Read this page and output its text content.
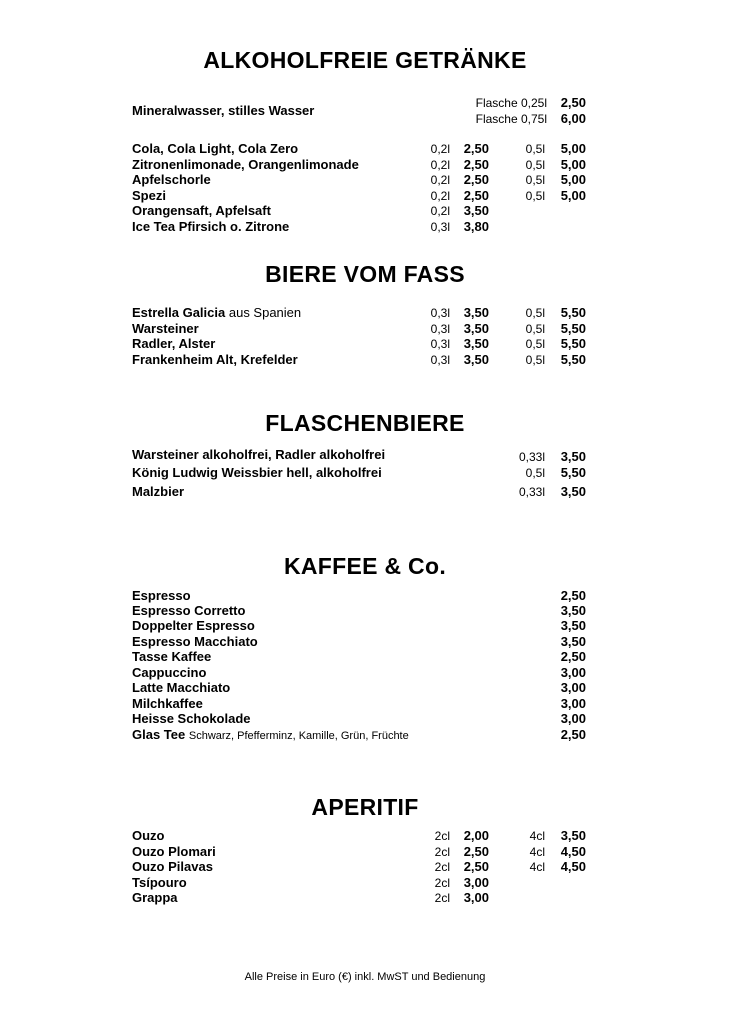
ALKOHOLFREIE GETRÄNKE
Mineralwasser, stilles Wasser	Flasche 0,25l 2,50
Flasche 0,75l 6,00
Cola, Cola Light, Cola Zero	0,2l 2,50	0,5l 5,00
Zitronenlimonade, Orangenlimonade	0,2l 2,50	0,5l 5,00
Apfelschorle	0,2l 2,50	0,5l 5,00
Spezi	0,2l 2,50	0,5l 5,00
Orangensaft, Apfelsaft	0,2l 3,50
Ice Tea Pfirsich o. Zitrone	0,3l 3,80
BIERE VOM FASS
Estrella Galicia aus Spanien	0,3l 3,50	0,5l 5,50
Warsteiner	0,3l 3,50	0,5l 5,50
Radler, Alster	0,3l 3,50	0,5l 5,50
Frankenheim Alt, Krefelder	0,3l 3,50	0,5l 5,50
FLASCHENBIERE
Warsteiner alkoholfrei, Radler alkoholfrei	0,33l 3,50
König Ludwig Weissbier hell, alkoholfrei	0,5l 5,50
Malzbier	0,33l 3,50
KAFFEE & Co.
Espresso	2,50
Espresso Corretto	3,50
Doppelter Espresso	3,50
Espresso Macchiato	3,50
Tasse Kaffee	2,50
Cappuccino	3,00
Latte Macchiato	3,00
Milchkaffee	3,00
Heisse Schokolade	3,00
Glas Tee Schwarz, Pfefferminz, Kamille, Grün, Früchte	2,50
APERITIF
Ouzo	2cl 2,00	4cl 3,50
Ouzo Plomari	2cl 2,50	4cl 4,50
Ouzo Pilavas	2cl 2,50	4cl 4,50
Tsípouro	2cl 3,00
Grappa	2cl 3,00
Alle Preise in Euro (€) inkl. MwST und Bedienung
